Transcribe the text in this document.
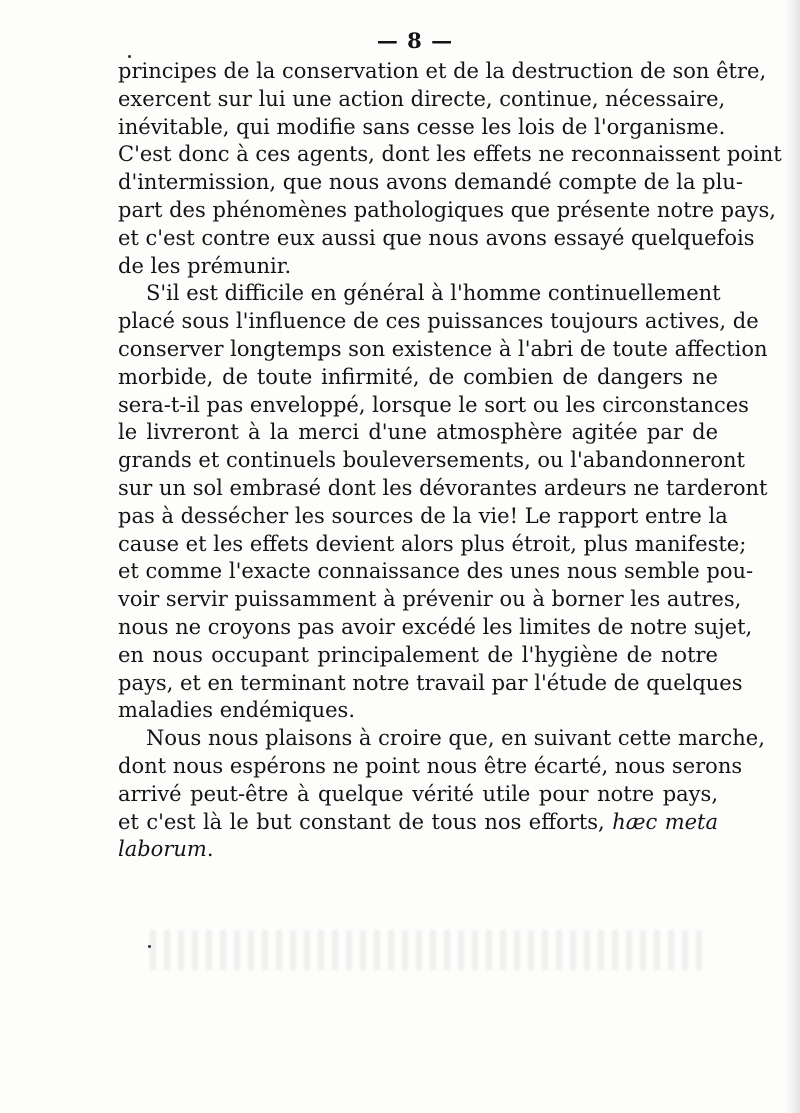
— 8 —
principes de la conservation et de la destruction de son être,
exercent sur lui une action directe, continue, nécessaire,
inévitable, qui modifie sans cesse les lois de l'organisme.
C'est donc à ces agents, dont les effets ne reconnaissent point
d'intermission, que nous avons demandé compte de la plu-
part des phénomènes pathologiques que présente notre pays,
et c'est contre eux aussi que nous avons essayé quelquefois
de les prémunir.
S'il est difficile en général à l'homme continuellement
placé sous l'influence de ces puissances toujours actives, de
conserver longtemps son existence à l'abri de toute affection
morbide, de toute infirmité, de combien de dangers ne
sera-t-il pas enveloppé, lorsque le sort ou les circonstances
le livreront à la merci d'une atmosphère agitée par de
grands et continuels bouleversements, ou l'abandonneront
sur un sol embrasé dont les dévorantes ardeurs ne tarderont
pas à dessécher les sources de la vie! Le rapport entre la
cause et les effets devient alors plus étroit, plus manifeste;
et comme l'exacte connaissance des unes nous semble pou-
voir servir puissamment à prévenir ou à borner les autres,
nous ne croyons pas avoir excédé les limites de notre sujet,
en nous occupant principalement de l'hygiène de notre
pays, et en terminant notre travail par l'étude de quelques
maladies endémiques.
Nous nous plaisons à croire que, en suivant cette marche,
dont nous espérons ne point nous être écarté, nous serons
arrivé peut-être à quelque vérité utile pour notre pays,
et c'est là le but constant de tous nos efforts, hæc meta
laborum.
